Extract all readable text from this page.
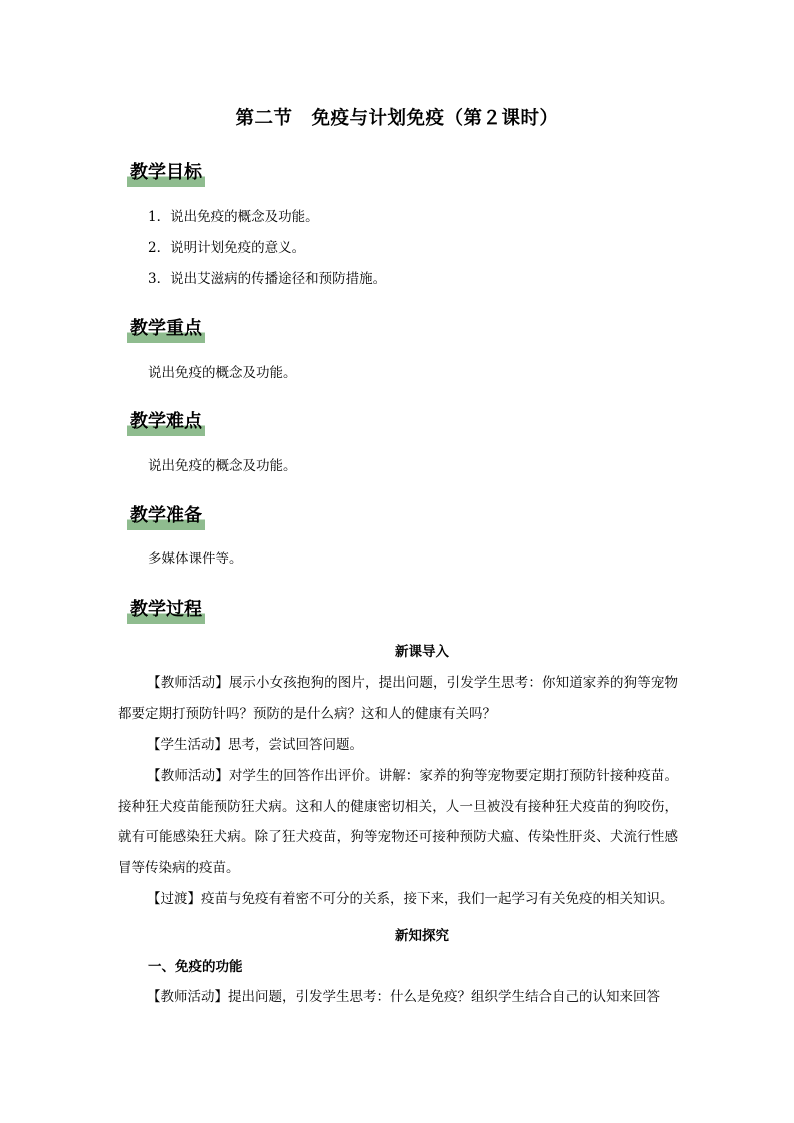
第二节　免疫与计划免疫（第２课时）
教学目标
1．说出免疫的概念及功能。
2．说明计划免疫的意义。
3．说出艾滋病的传播途径和预防措施。
教学重点
说出免疫的概念及功能。
教学难点
说出免疫的概念及功能。
教学准备
多媒体课件等。
教学过程
新课导入
【教师活动】展示小女孩抱狗的图片，提出问题，引发学生思考：你知道家养的狗等宠物都要定期打预防针吗？预防的是什么病？这和人的健康有关吗？
【学生活动】思考，尝试回答问题。
【教师活动】对学生的回答作出评价。讲解：家养的狗等宠物要定期打预防针接种疫苗。接种狂犬疫苗能预防狂犬病。这和人的健康密切相关，人一旦被没有接种狂犬疫苗的狗咬伤，就有可能感染狂犬病。除了狂犬疫苗，狗等宠物还可接种预防犬瘟、传染性肝炎、犬流行性感冒等传染病的疫苗。
【过渡】疫苗与免疫有着密不可分的关系，接下来，我们一起学习有关免疫的相关知识。
新知探究
一、免疫的功能
【教师活动】提出问题，引发学生思考：什么是免疫？组织学生结合自己的认知来回答
